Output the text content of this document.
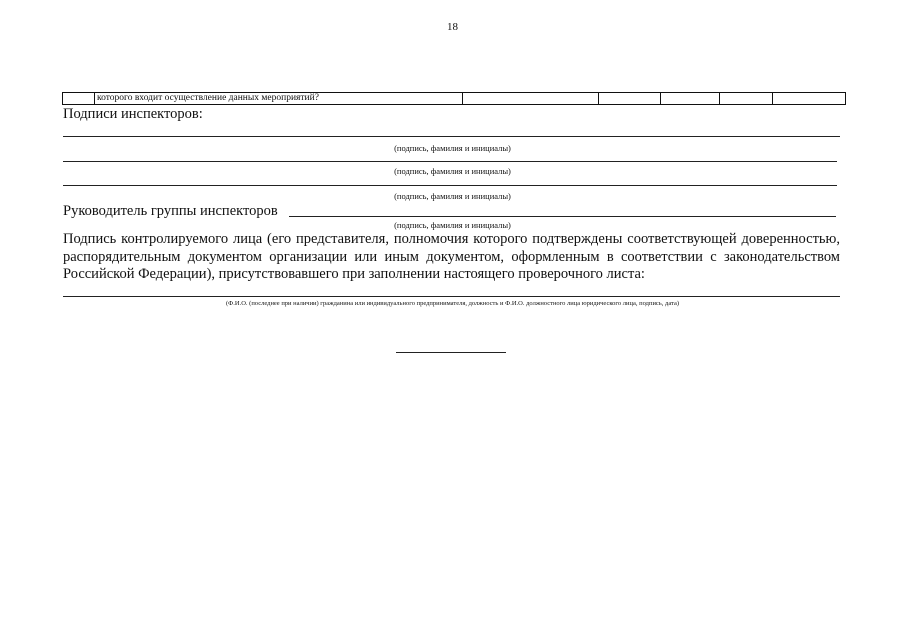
18
	которого входит осуществление данных мероприятий?					
Подписи инспекторов:
(подпись, фамилия и инициалы)
(подпись, фамилия и инициалы)
(подпись, фамилия и инициалы)
Руководитель группы инспекторов
(подпись, фамилия и инициалы)
Подпись контролируемого лица (его представителя, полномочия которого подтверждены соответствующей доверенностью, распорядительным документом организации или иным документом, оформленным в соответствии с законодательством Российской Федерации), присутствовавшего при заполнении настоящего проверочного листа:
(Ф.И.О. (последнее при наличии) гражданина или индивидуального предпринимателя, должность и Ф.И.О. должностного лица юридического лица, подпись, дата)
